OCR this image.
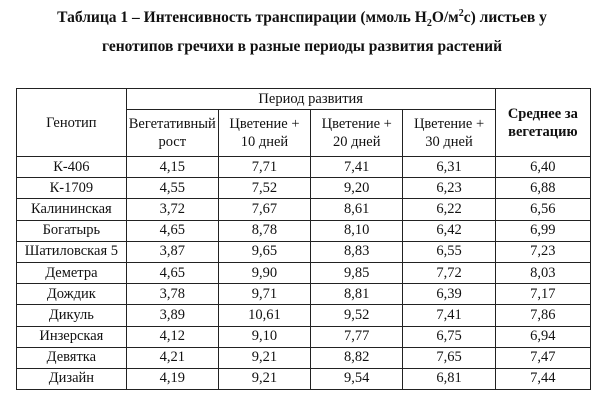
Таблица 1 – Интенсивность транспирации (ммоль $H_2O/м^2с$) листьев у
генотипов гречихи в разные периоды развития растений
Генотип	Период развития				Среднее за вегетацию
	Вегетативный рост	Цветение + 10 дней	Цветение + 20 дней	Цветение + 30 дней	
К-406	4,15	7,71	7,41	6,31	6,40
К-1709	4,55	7,52	9,20	6,23	6,88
Калининская	3,72	7,67	8,61	6,22	6,56
Богатырь	4,65	8,78	8,10	6,42	6,99
Шатиловская 5	3,87	9,65	8,83	6,55	7,23
Деметра	4,65	9,90	9,85	7,72	8,03
Дождик	3,78	9,71	8,81	6,39	7,17
Дикуль	3,89	10,61	9,52	7,41	7,86
Инзерская	4,12	9,10	7,77	6,75	6,94
Девятка	4,21	9,21	8,82	7,65	7,47
Дизайн	4,19	9,21	9,54	6,81	7,44
